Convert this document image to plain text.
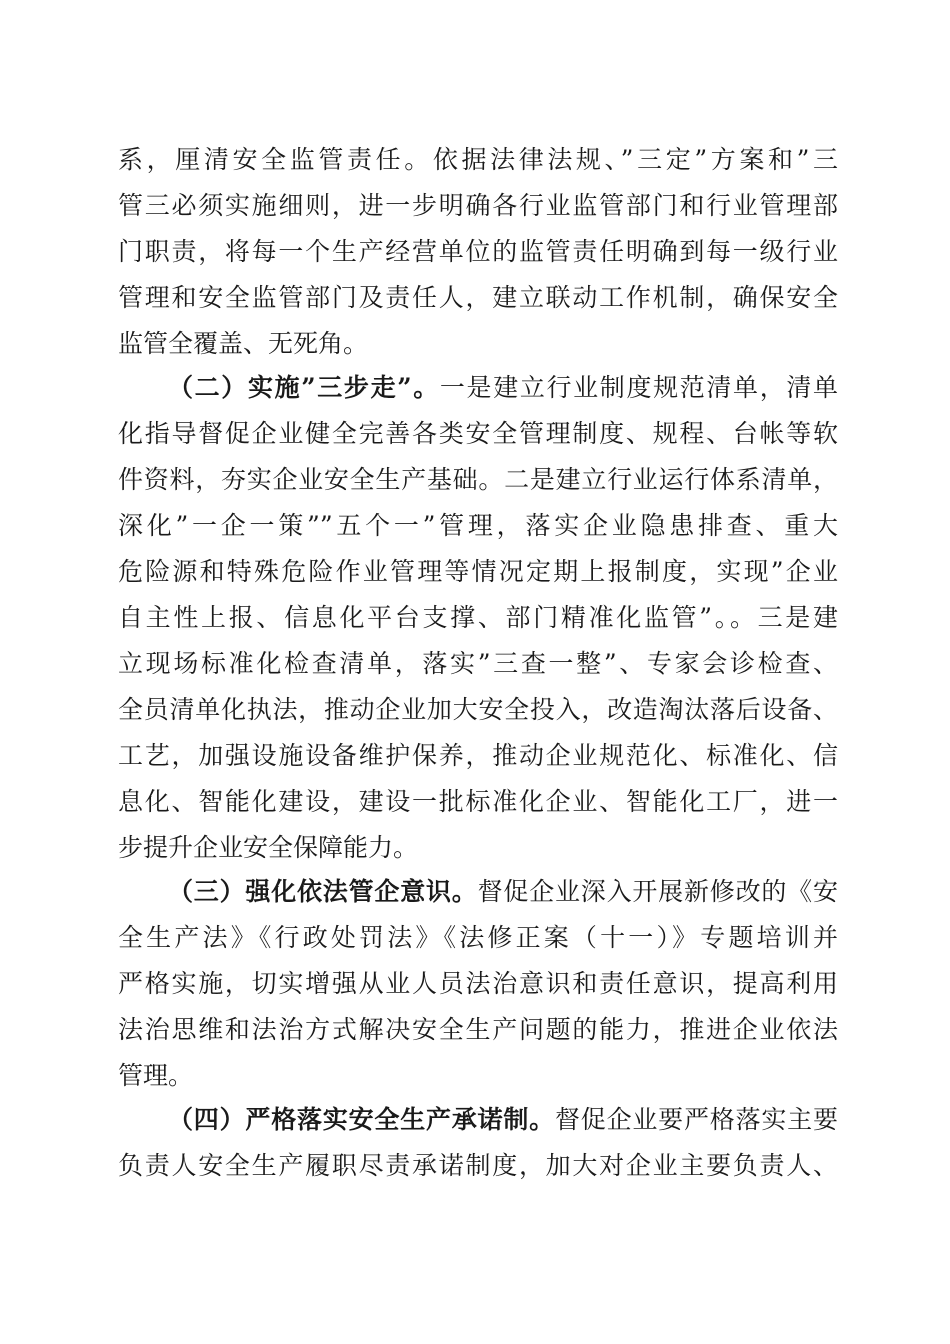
系，厘清安全监管责任。依据法律法规、”三定”方案和”三
管三必须实施细则，进一步明确各行业监管部门和行业管理部
门职责，将每一个生产经营单位的监管责任明确到每一级行业
管理和安全监管部门及责任人，建立联动工作机制，确保安全
监管全覆盖、无死角。
（二）实施”三步走”。一是建立行业制度规范清单，清单
化指导督促企业健全完善各类安全管理制度、规程、台帐等软
件资料，夯实企业安全生产基础。二是建立行业运行体系清单，
深化”一企一策””五个一”管理，落实企业隐患排查、重大
危险源和特殊危险作业管理等情况定期上报制度，实现”企业
自主性上报、信息化平台支撑、部门精准化监管”。。三是建
立现场标准化检查清单，落实”三查一整”、专家会诊检查、
全员清单化执法，推动企业加大安全投入，改造淘汰落后设备、
工艺，加强设施设备维护保养，推动企业规范化、标准化、信
息化、智能化建设，建设一批标准化企业、智能化工厂，进一
步提升企业安全保障能力。
（三）强化依法管企意识。督促企业深入开展新修改的《安
全生产法》《行政处罚法》《法修正案（十一）》专题培训并
严格实施，切实增强从业人员法治意识和责任意识，提高利用
法治思维和法治方式解决安全生产问题的能力，推进企业依法
管理。
（四）严格落实安全生产承诺制。督促企业要严格落实主要
负责人安全生产履职尽责承诺制度，加大对企业主要负责人、
